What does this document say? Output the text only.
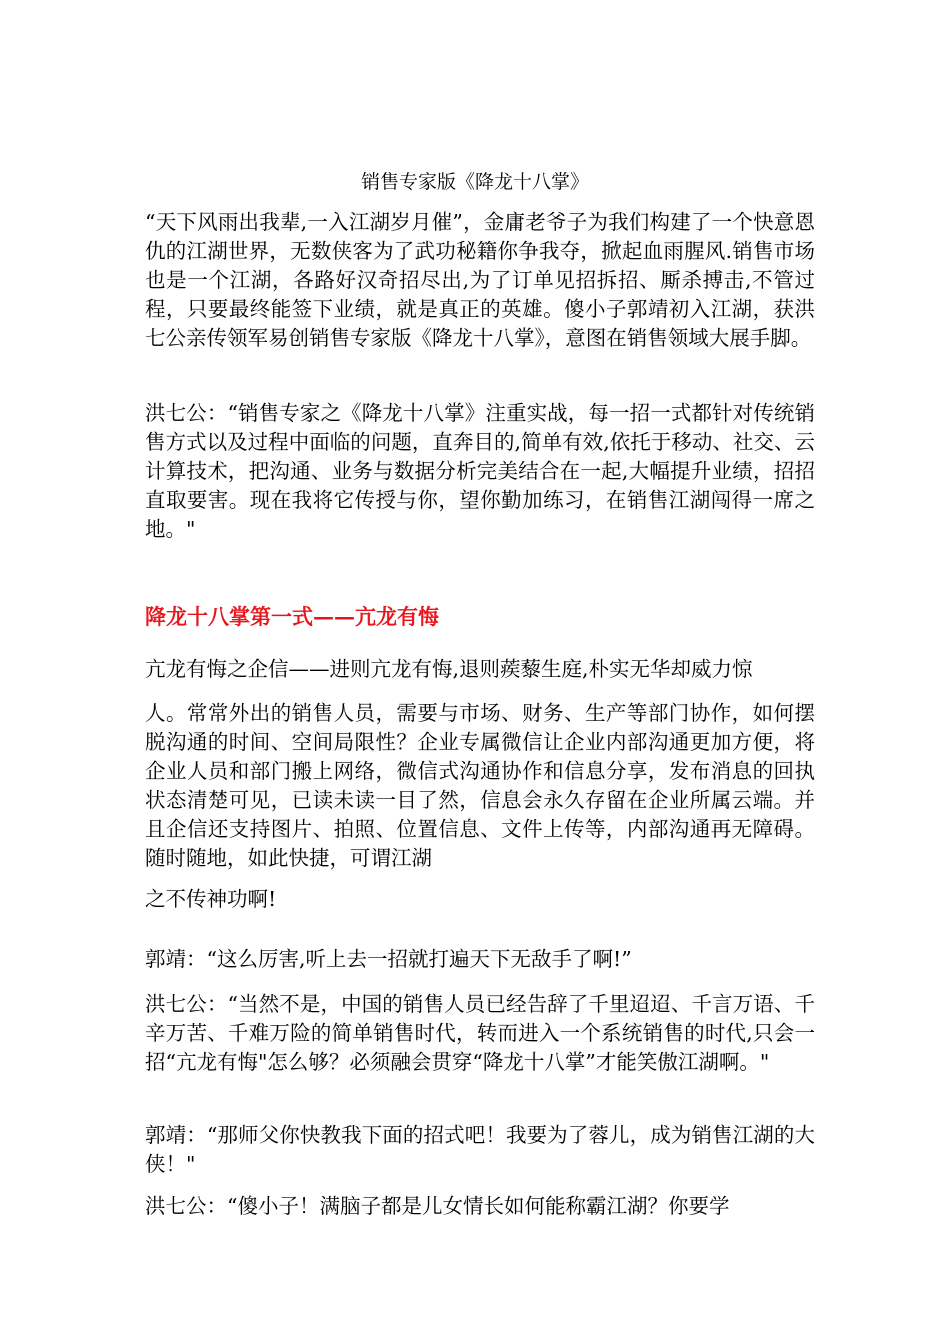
销售专家版《降龙十八掌》

“天下风雨出我辈,一入江湖岁月催”，金庸老爷子为我们构建了一个快意恩仇的江湖世界，无数侠客为了武功秘籍你争我夺，掀起血雨腥风.销售市场也是一个江湖，各路好汉奇招尽出,为了订单见招拆招、厮杀搏击,不管过程，只要最终能签下业绩，就是真正的英雄。傻小子郭靖初入江湖，获洪七公亲传领军易创销售专家版《降龙十八掌》，意图在销售领域大展手脚。

洪七公：“销售专家之《降龙十八掌》注重实战，每一招一式都针对传统销售方式以及过程中面临的问题，直奔目的,简单有效,依托于移动、社交、云计算技术，把沟通、业务与数据分析完美结合在一起,大幅提升业绩，招招直取要害。现在我将它传授与你，望你勤加练习，在销售江湖闯得一席之地。"

降龙十八掌第一式——亢龙有悔

亢龙有悔之企信——进则亢龙有悔,退则蒺藜生庭,朴实无华却威力惊

人。常常外出的销售人员，需要与市场、财务、生产等部门协作，如何摆脱沟通的时间、空间局限性？企业专属微信让企业内部沟通更加方便，将企业人员和部门搬上网络，微信式沟通协作和信息分享，发布消息的回执状态清楚可见，已读未读一目了然，信息会永久存留在企业所属云端。并且企信还支持图片、拍照、位置信息、文件上传等，内部沟通再无障碍。随时随地，如此快捷，可谓江湖

之不传神功啊!

郭靖：“这么厉害,听上去一招就打遍天下无敌手了啊!”

洪七公：“当然不是，中国的销售人员已经告辞了千里迢迢、千言万语、千辛万苦、千难万险的简单销售时代，转而进入一个系统销售的时代,只会一招“亢龙有悔"怎么够？必须融会贯穿“降龙十八掌”才能笑傲江湖啊。"

郭靖：“那师父你快教我下面的招式吧！我要为了蓉儿，成为销售江湖的大侠！"

洪七公：“傻小子！满脑子都是儿女情长如何能称霸江湖？你要学
